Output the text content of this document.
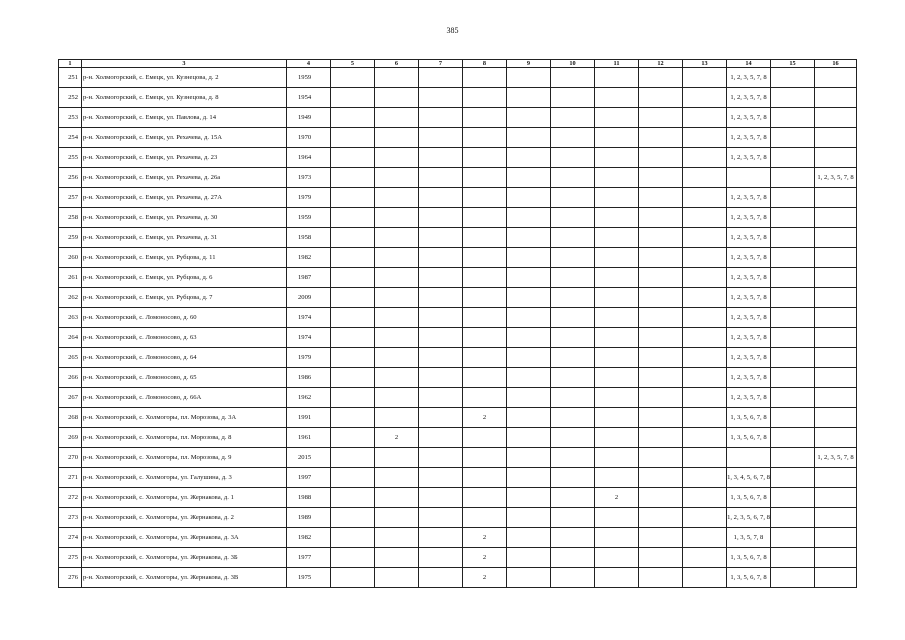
385
1	3	4	5	6	7	8	9	10	11	12	13	14	15	16
251	р-н. Холмогорский, с. Емецк, ул. Кузнецова, д. 2	1959										1, 2, 3, 5, 7, 8		
252	р-н. Холмогорский, с. Емецк, ул. Кузнецова, д. 8	1954										1, 2, 3, 5, 7, 8		
253	р-н. Холмогорский, с. Емецк, ул. Павлова, д. 14	1949										1, 2, 3, 5, 7, 8		
254	р-н. Холмогорский, с. Емецк, ул. Рехачева, д. 15А	1970										1, 2, 3, 5, 7, 8		
255	р-н. Холмогорский, с. Емецк, ул. Рехачева, д. 23	1964										1, 2, 3, 5, 7, 8		
256	р-н. Холмогорский, с. Емецк, ул. Рехачева, д. 26а	1973												1, 2, 3, 5, 7, 8
257	р-н. Холмогорский, с. Емецк, ул. Рехачева, д. 27А	1979										1, 2, 3, 5, 7, 8		
258	р-н. Холмогорский, с. Емецк, ул. Рехачева, д. 30	1959										1, 2, 3, 5, 7, 8		
259	р-н. Холмогорский, с. Емецк, ул. Рехачева, д. 31	1958										1, 2, 3, 5, 7, 8		
260	р-н. Холмогорский, с. Емецк, ул. Рубцова, д. 11	1982										1, 2, 3, 5, 7, 8		
261	р-н. Холмогорский, с. Емецк, ул. Рубцова, д. 6	1987										1, 2, 3, 5, 7, 8		
262	р-н. Холмогорский, с. Емецк, ул. Рубцова, д. 7	2009										1, 2, 3, 5, 7, 8		
263	р-н. Холмогорский, с. Ломоносово, д. 60	1974										1, 2, 3, 5, 7, 8		
264	р-н. Холмогорский, с. Ломоносово, д. 63	1974										1, 2, 3, 5, 7, 8		
265	р-н. Холмогорский, с. Ломоносово, д. 64	1979										1, 2, 3, 5, 7, 8		
266	р-н. Холмогорский, с. Ломоносово, д. 65	1986										1, 2, 3, 5, 7, 8		
267	р-н. Холмогорский, с. Ломоносово, д. 66А	1962										1, 2, 3, 5, 7, 8		
268	р-н. Холмогорский, с. Холмогоры, пл. Морозова, д. 3А	1991				2						1, 3, 5, 6, 7, 8		
269	р-н. Холмогорский, с. Холмогоры, пл. Морозова, д. 8	1961		2								1, 3, 5, 6, 7, 8		
270	р-н. Холмогорский, с. Холмогоры, пл. Морозова, д. 9	2015												1, 2, 3, 5, 7, 8
271	р-н. Холмогорский, с. Холмогоры, ул. Галушина, д. 3	1997										1, 3, 4, 5, 6, 7, 8		
272	р-н. Холмогорский, с. Холмогоры, ул. Жернакова, д. 1	1988							2			1, 3, 5, 6, 7, 8		
273	р-н. Холмогорский, с. Холмогоры, ул. Жернакова, д. 2	1989										1, 2, 3, 5, 6, 7, 8		
274	р-н. Холмогорский, с. Холмогоры, ул. Жернакова, д. 3А	1982				2						1, 3, 5, 7, 8		
275	р-н. Холмогорский, с. Холмогоры, ул. Жернакова, д. 3Б	1977				2						1, 3, 5, 6, 7, 8		
276	р-н. Холмогорский, с. Холмогоры, ул. Жернакова, д. 3В	1975				2						1, 3, 5, 6, 7, 8		
